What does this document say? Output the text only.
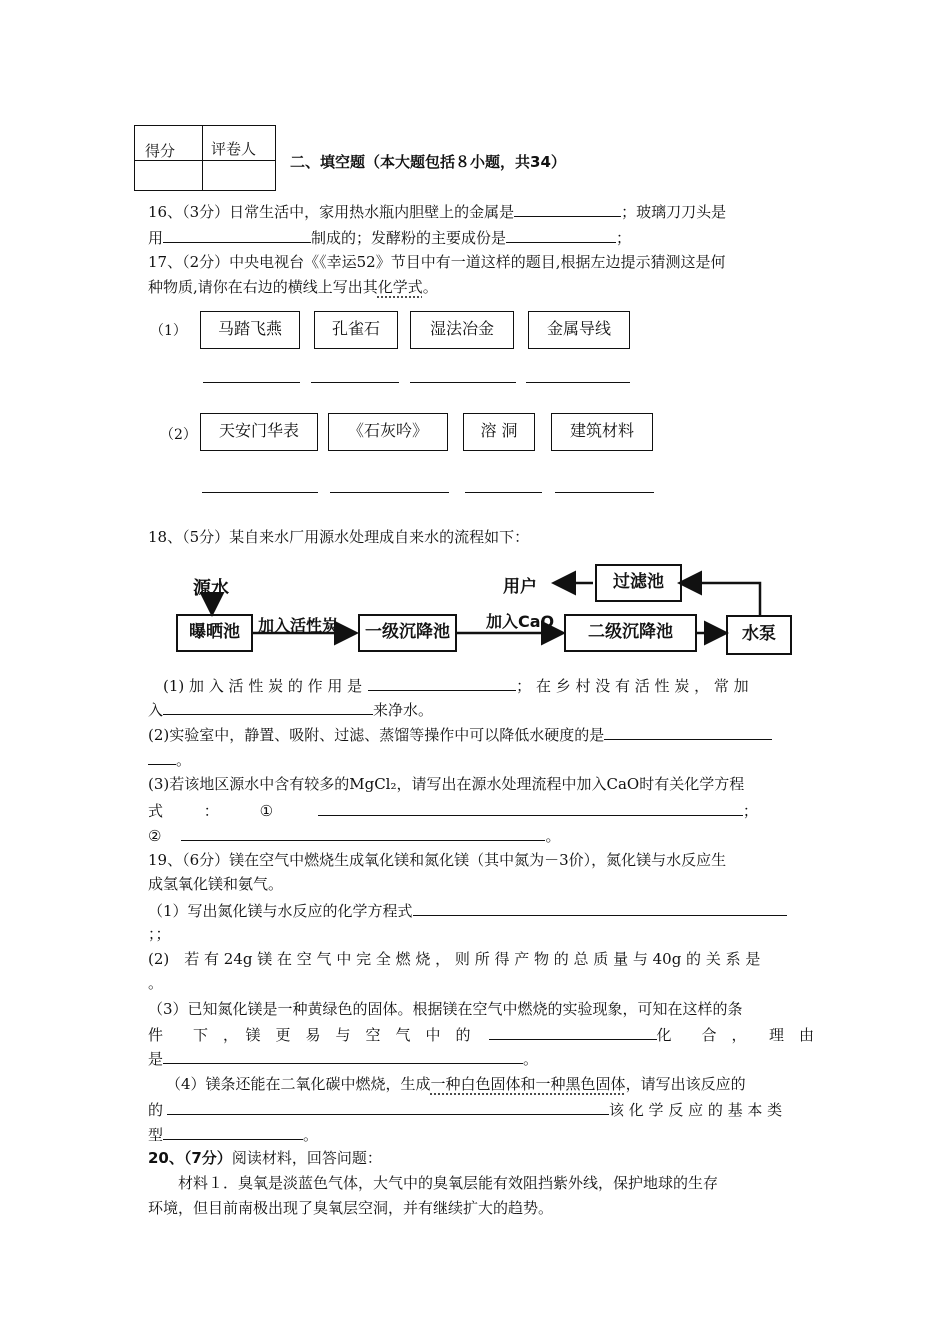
得分 评卷人
二、填空题（本大题包括８小题，共34）
16、（3分）日常生活中，家用热水瓶内胆壁上的金属是	；玻璃刀刀头是
用	制成的；发酵粉的主要成份是	；
17、（2分）中央电视台《《幸运52》节目中有一道这样的题目,根据左边提示猜测这是何
种物质,请你在右边的横线上写出其化学式。
（1）	马踏飞燕	孔雀石	湿法冶金	金属导线
（2）	天安门华表	《石灰吟》	溶 洞	建筑材料
18、（5分）某自来水厂用源水处理成自来水的流程如下：
源水	用户
曝晒池	加入活性炭	一级沉降池
加入CaO
二级沉降池	水泵
过滤池
(1) 加 入 活 性 炭 的 作 用 是	； 在 乡 村 没 有 活 性 炭 ， 常 加
入	来净水。
(2)实验室中，静置、吸附、过滤、蒸馏等操作中可以降低水硬度的是
。
(3)若该地区源水中含有较多的MgCl₂，请写出在源水处理流程中加入CaO时有关化学方程
式	：	①	；
②	。
19、（6分）镁在空气中燃烧生成氧化镁和氮化镁（其中氮为－3价），氮化镁与水反应生
成氢氧化镁和氨气。
（1）写出氮化镁与水反应的化学方程式
；；
(2)　若 有 24g 镁 在 空 气 中 完 全 燃 烧 ， 则 所 得 产 物 的 总 质 量 与 40g 的 关 系 是
。
（3）已知氮化镁是一种黄绿色的固体。根据镁在空气中燃烧的实验现象，可知在这样的条
件　　下　，　镁　更　易　与　空　气　中　的	化　　合　，　　理　由
是	。
（4）镁条还能在二氧化碳中燃烧，生成一种白色固体和一种黑色固体，请写出该反应的
的	该 化 学 反 应 的 基 本 类
型	。
20、（7分）阅读材料，回答问题：
材料１．臭氧是淡蓝色气体，大气中的臭氧层能有效阻挡紫外线，保护地球的生存
环境，但目前南极出现了臭氧层空洞，并有继续扩大的趋势。
